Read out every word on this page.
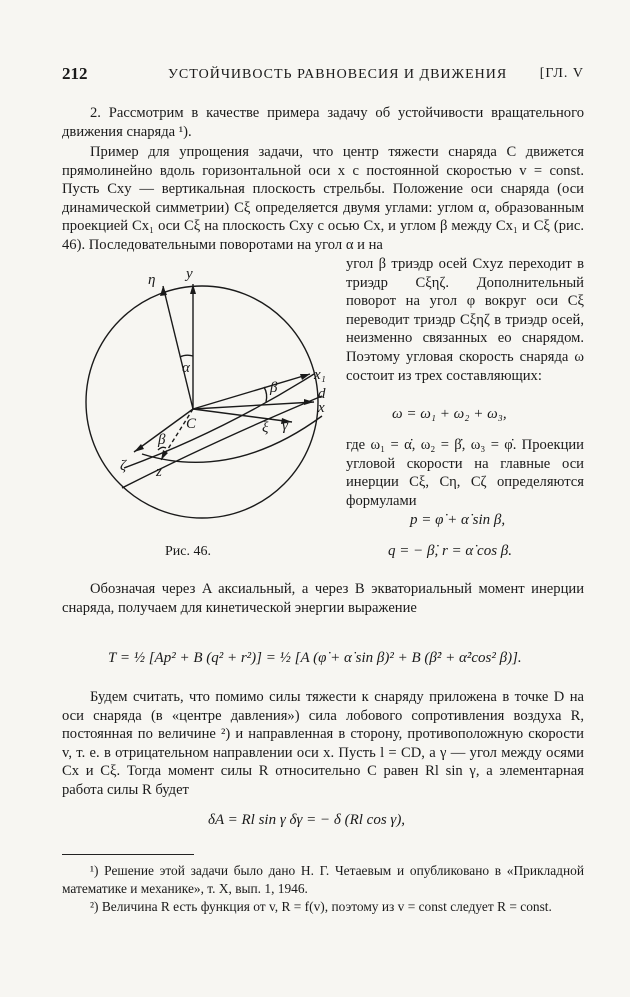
212	УСТОЙЧИВОСТЬ РАВНОВЕСИЯ И ДВИЖЕНИЯ [ГЛ. V

2. Рассмотрим в качестве примера задачу об устойчивости вращательного движения снаряда ¹).

Пример для упрощения задачи, что центр тяжести снаряда C движется прямолинейно вдоль горизонтальной оси x с постоянной скоростью v = const. Пусть Cxy — вертикальная плоскость стрельбы. Положение оси снаряда (оси динамической симметрии) Cξ определяется двумя углами: углом α, образованным проекцией Cx₁ оси Cξ на плоскость Cxy с осью Cx, и углом β между Cx₁ и Cξ (рис. 46). Последовательными поворотами на угол α и на

η y
α	x₁
d
x
β
β
C	ξ γ
ζ z
Рис. 46.

угол β триэдр осей Cxyz переходит в триэдр Cξηζ. Дополнительный поворот на угол φ вокруг оси Cξ переводит триэдр Cξηζ в триэдр осей, неизменно связанных ео снарядом. Поэтому угловая скорость снаряда ω состоит из трех составляющих:

ω = ω₁ + ω₂ + ω₃,

где ω₁ = α̇, ω₂ = β̇, ω₃ = φ̇. Проекции угловой скорости на главные оси инерции Cξ, Cη, Cζ определяются формулами

p = φ̇ + α̇ sin β,
q = − β̇, r = α̇ cos β.

Обозначая через A аксиальный, а через B экваториальный момент инерции снаряда, получаем для кинетической энергии выражение

T = ½ [Ap² + B (q² + r²)] = ½ [A (φ̇ + α̇ sin β)² + B (β̇² + α̇²cos² β)].

Будем считать, что помимо силы тяжести к снаряду приложена в точке D на оси снаряда (в «центре давления») сила лобового сопротивления воздуха R, постоянная по величине ²) и направленная в сторону, противоположную скорости v, т. е. в отрицательном направлении оси x. Пусть l = CD, а γ — угол между осями Cx и Cξ. Тогда момент силы R относительно C равен Rl sin γ, а элементарная работа силы R будет

δA = Rl sin γ δγ = − δ (Rl cos γ),

¹) Решение этой задачи было дано Н. Г. Четаевым и опубликовано в «Прикладной математике и механике», т. X, вып. 1, 1946.

²) Величина R есть функция от v, R = f(v), поэтому из v = const следует R = const.
